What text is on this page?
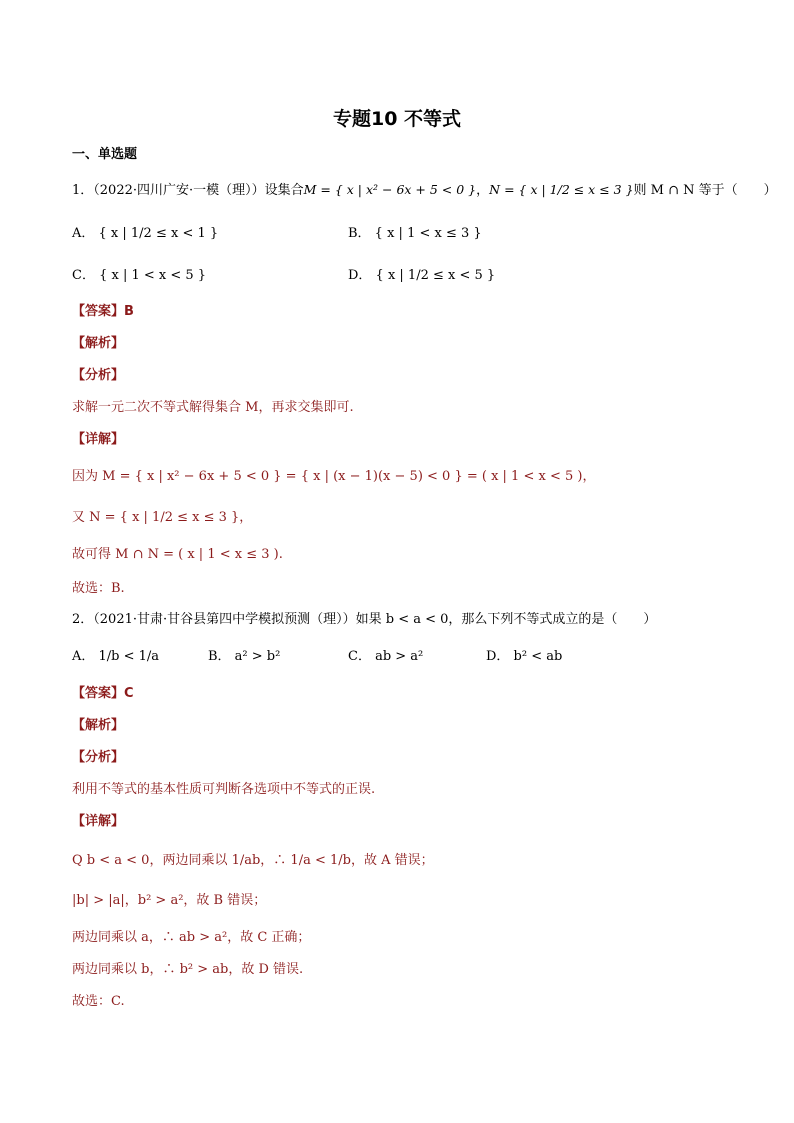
专题10 不等式
一、单选题
1．（2022·四川广安·一模（理））设集合M = { x | x² − 6x + 5 < 0 }，N = { x | 1/2 ≤ x ≤ 3 }则 M ∩ N 等于（　　）
A． { x | 1/2 ≤ x < 1 }	B． { x | 1 < x ≤ 3 }
C． { x | 1 < x < 5 }	D． { x | 1/2 ≤ x < 5 }
【答案】B
【解析】
【分析】
求解一元二次不等式解得集合 M，再求交集即可.
【详解】
因为 M = { x | x² − 6x + 5 < 0 } = { x | (x − 1)(x − 5) < 0 } = ( x | 1 < x < 5 )，
又 N = { x | 1/2 ≤ x ≤ 3 }，
故可得 M ∩ N = ( x | 1 < x ≤ 3 ).
故选：B.
2．（2021·甘肃·甘谷县第四中学模拟预测（理））如果 b < a < 0，那么下列不等式成立的是（　　）
A． 1/b < 1/a	B． a² > b²	C． ab > a²	D． b² < ab
【答案】C
【解析】
【分析】
利用不等式的基本性质可判断各选项中不等式的正误.
【详解】
Q b < a < 0，两边同乘以 1/ab，∴ 1/a < 1/b，故 A 错误；
|b| > |a|，b² > a²，故 B 错误；
两边同乘以 a，∴ ab > a²，故 C 正确；
两边同乘以 b，∴ b² > ab，故 D 错误.
故选：C.
